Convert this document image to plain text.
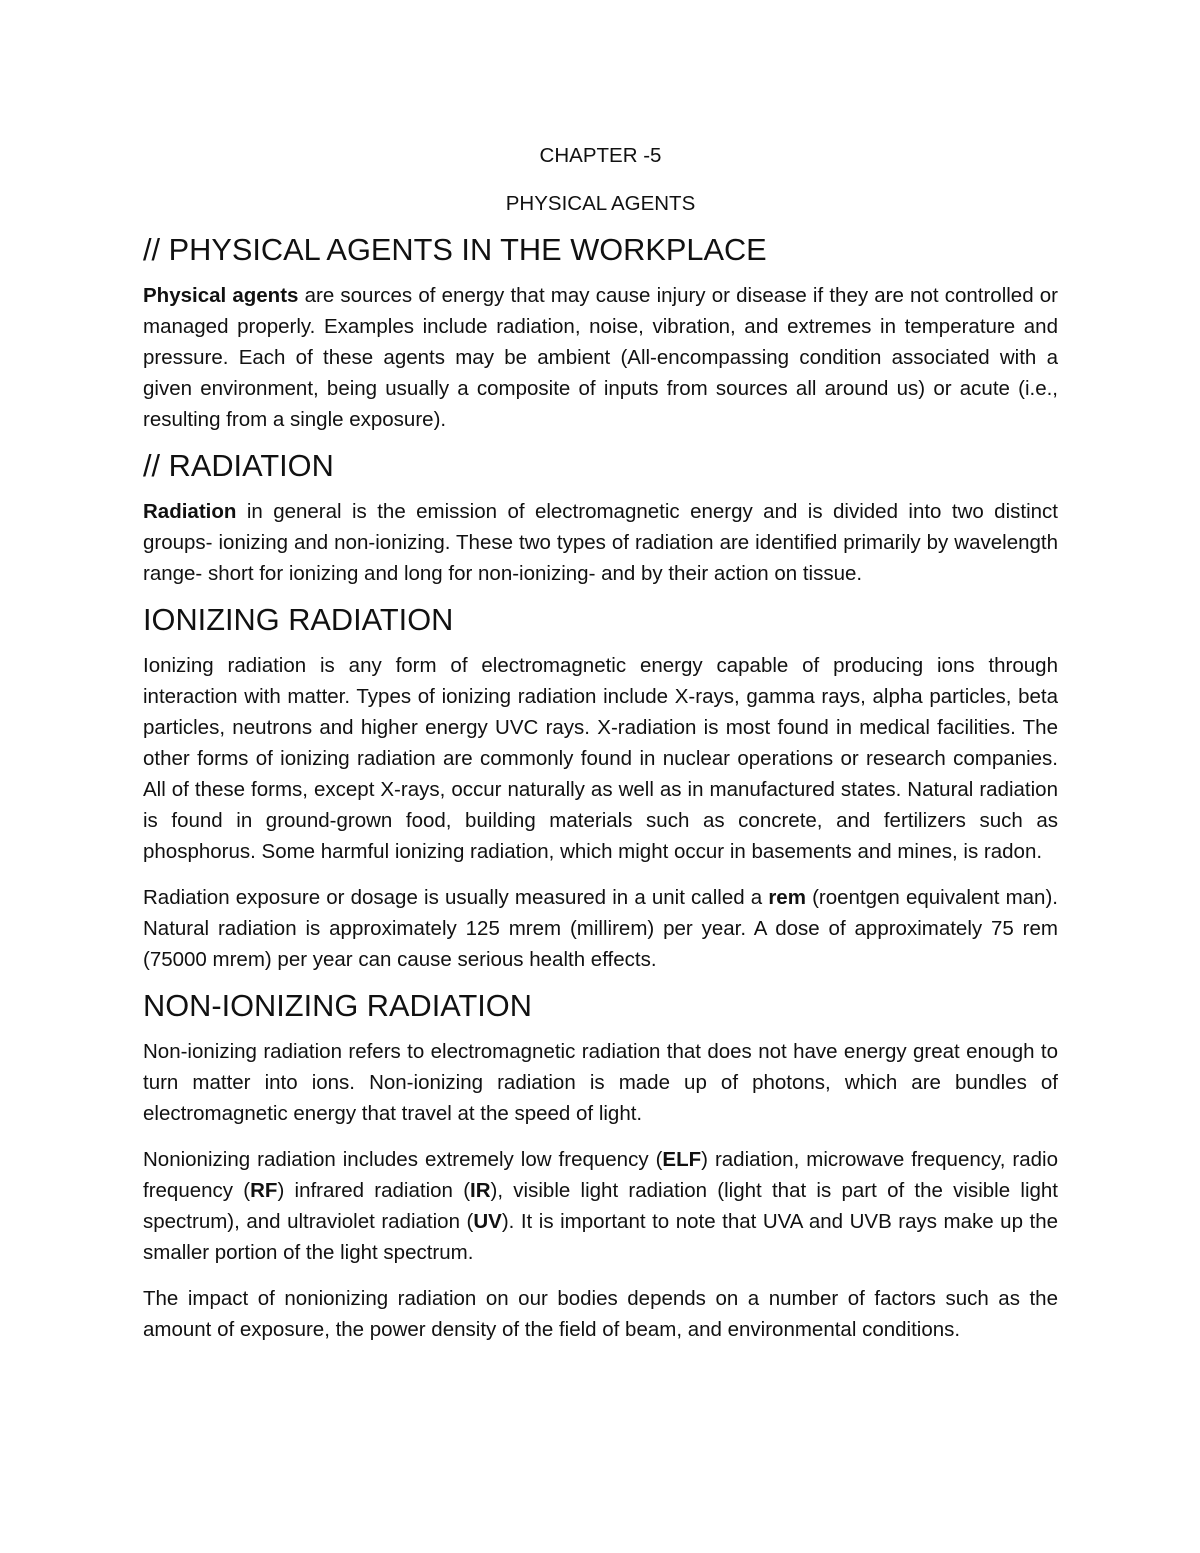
CHAPTER -5

PHYSICAL AGENTS

// PHYSICAL AGENTS IN THE WORKPLACE

Physical agents are sources of energy that may cause injury or disease if they are not controlled or managed properly. Examples include radiation, noise, vibration, and extremes in temperature and pressure. Each of these agents may be ambient (All-encompassing condition associated with a given environment, being usually a composite of inputs from sources all around us) or acute (i.e., resulting from a single exposure).

// RADIATION

Radiation in general is the emission of electromagnetic energy and is divided into two distinct groups- ionizing and non-ionizing. These two types of radiation are identified primarily by wavelength range- short for ionizing and long for non-ionizing- and by their action on tissue.

IONIZING RADIATION

Ionizing radiation is any form of electromagnetic energy capable of producing ions through interaction with matter. Types of ionizing radiation include X-rays, gamma rays, alpha particles, beta particles, neutrons and higher energy UVC rays. X-radiation is most found in medical facilities. The other forms of ionizing radiation are commonly found in nuclear operations or research companies. All of these forms, except X-rays, occur naturally as well as in manufactured states. Natural radiation is found in ground-grown food, building materials such as concrete, and fertilizers such as phosphorus. Some harmful ionizing radiation, which might occur in basements and mines, is radon.

Radiation exposure or dosage is usually measured in a unit called a rem (roentgen equivalent man). Natural radiation is approximately 125 mrem (millirem) per year. A dose of approximately 75 rem (75000 mrem) per year can cause serious health effects.

NON-IONIZING RADIATION

Non-ionizing radiation refers to electromagnetic radiation that does not have energy great enough to turn matter into ions. Non-ionizing radiation is made up of photons, which are bundles of electromagnetic energy that travel at the speed of light.

Nonionizing radiation includes extremely low frequency (ELF) radiation, microwave frequency, radio frequency (RF) infrared radiation (IR), visible light radiation (light that is part of the visible light spectrum), and ultraviolet radiation (UV). It is important to note that UVA and UVB rays make up the smaller portion of the light spectrum.

The impact of nonionizing radiation on our bodies depends on a number of factors such as the amount of exposure, the power density of the field of beam, and environmental conditions.
